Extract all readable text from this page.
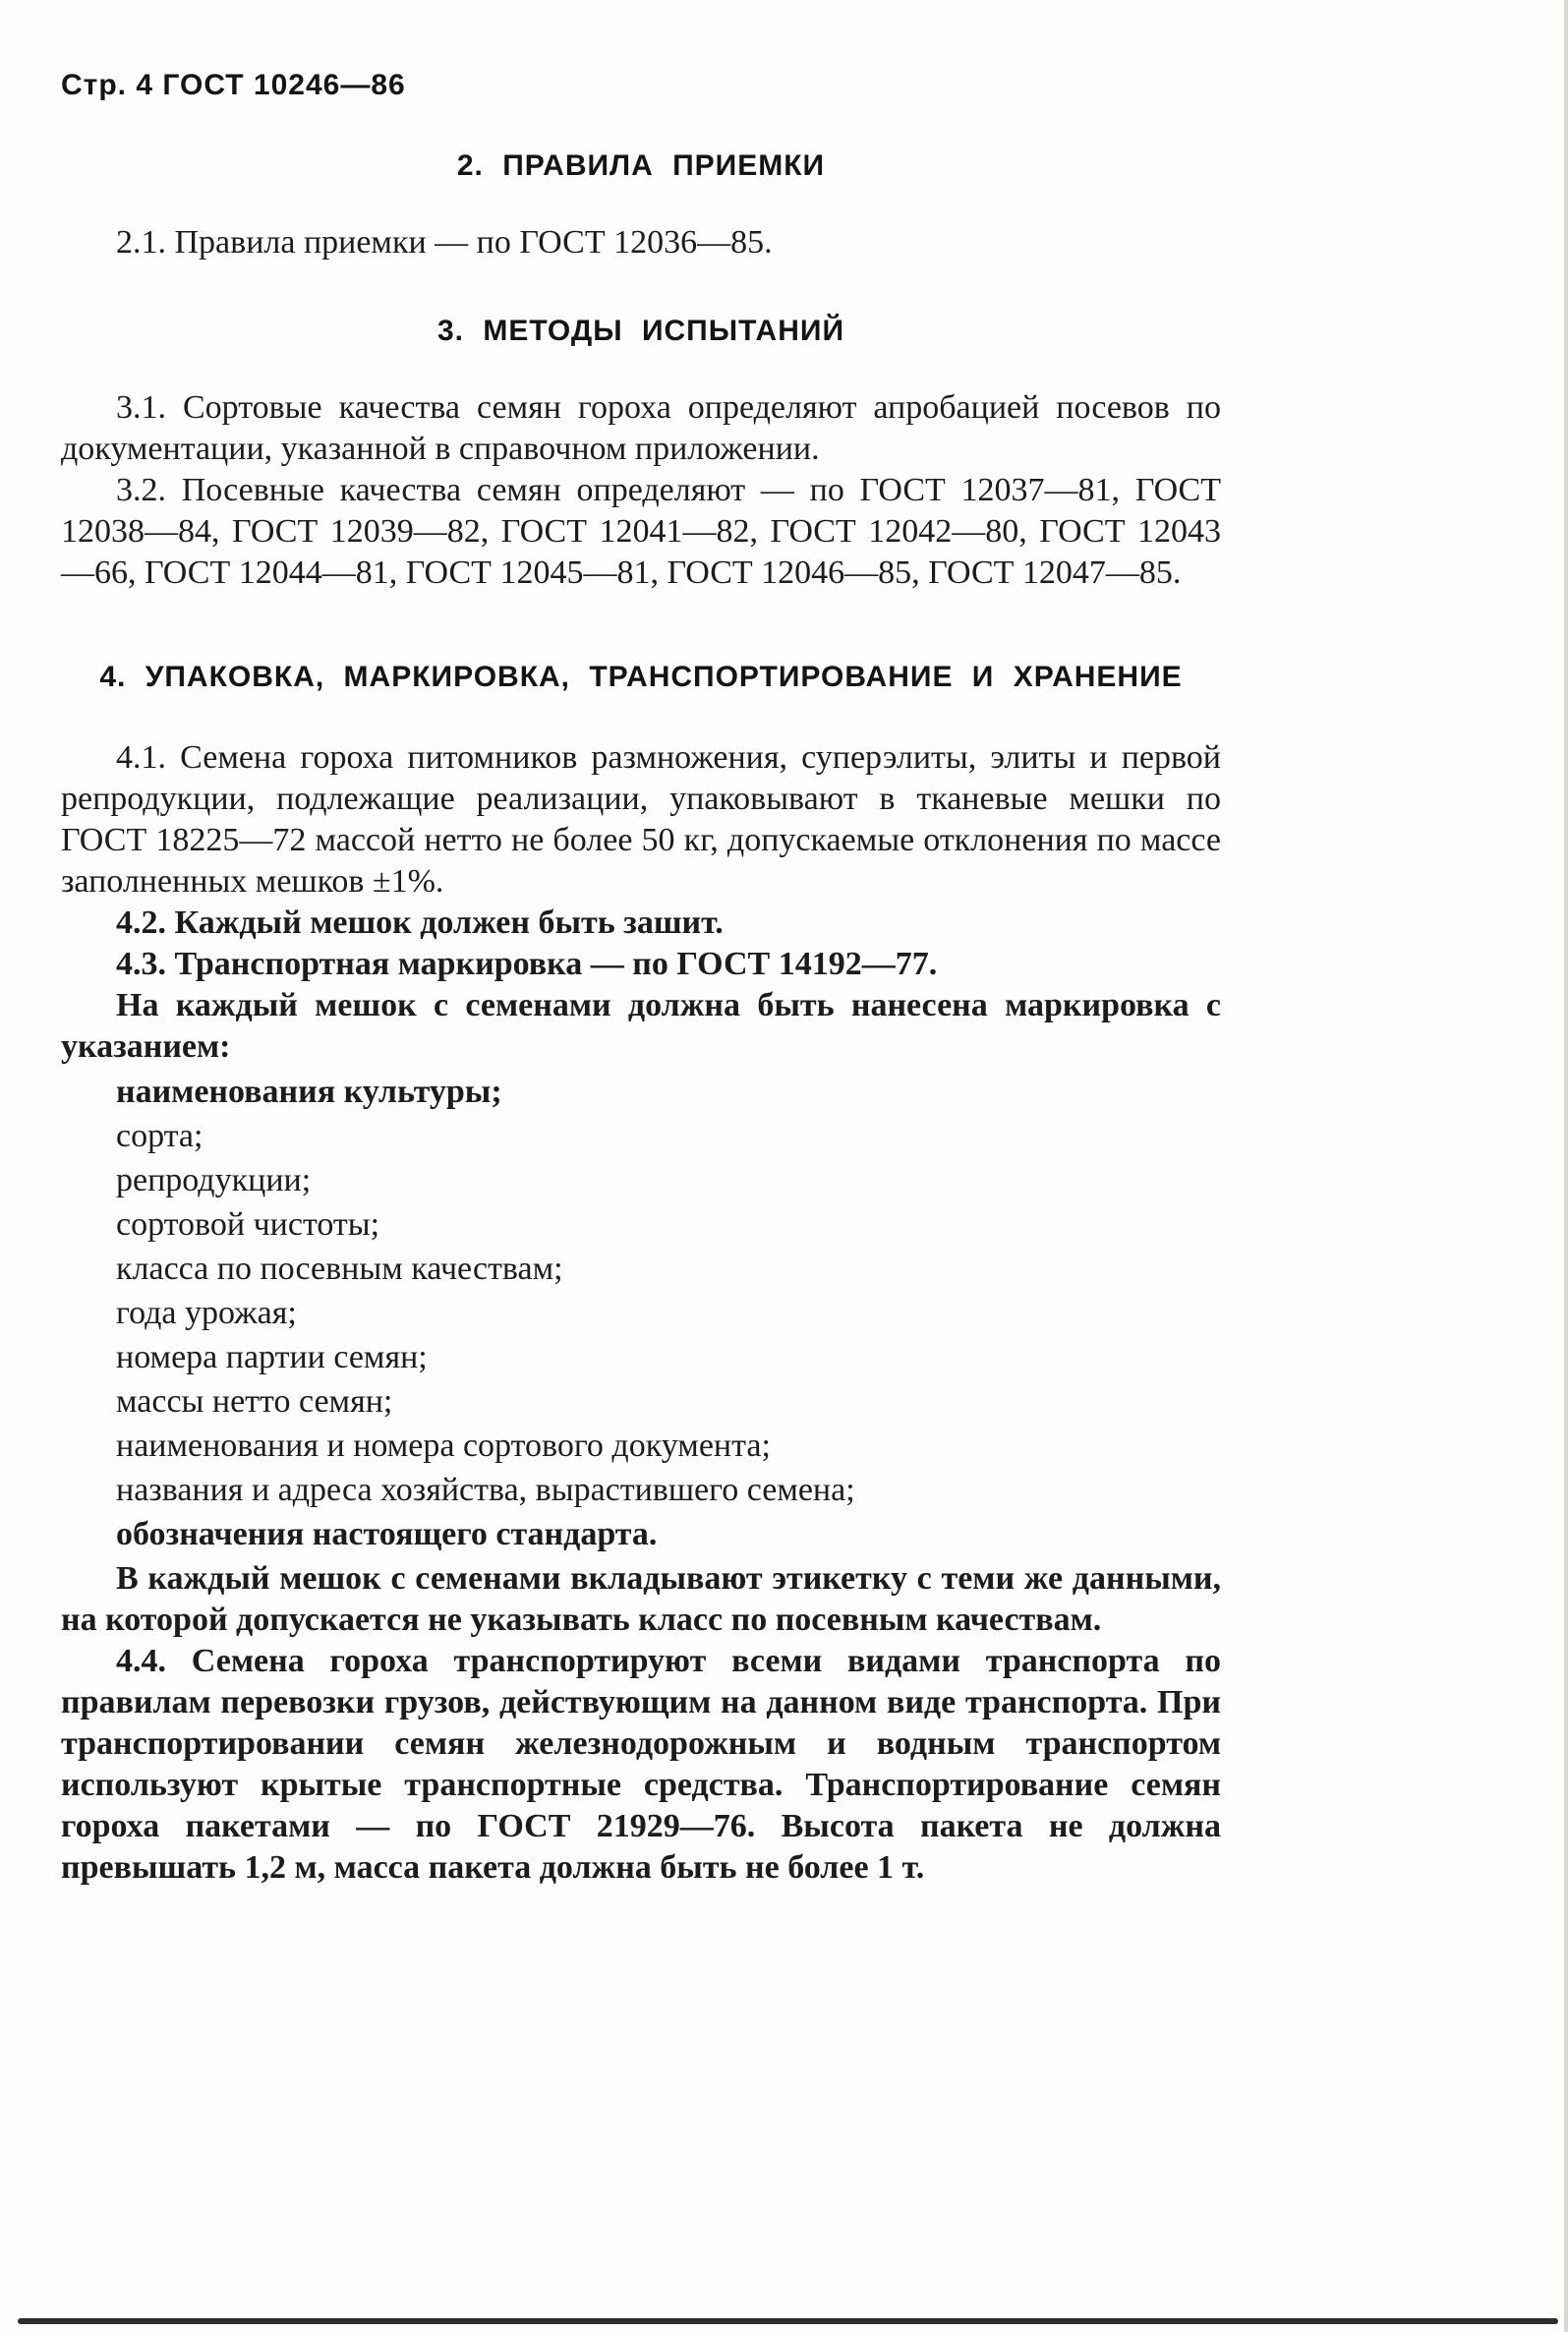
Стр. 4 ГОСТ 10246—86
2. ПРАВИЛА ПРИЕМКИ

2.1. Правила приемки — по ГОСТ 12036—85.

3. МЕТОДЫ ИСПЫТАНИЙ

3.1. Сортовые качества семян гороха определяют апробацией посевов по документации, указанной в справочном приложении.

3.2. Посевные качества семян определяют — по ГОСТ 12037—81, ГОСТ 12038—84, ГОСТ 12039—82, ГОСТ 12041—82, ГОСТ 12042—80, ГОСТ 12043—66, ГОСТ 12044—81, ГОСТ 12045—81, ГОСТ 12046—85, ГОСТ 12047—85.

4. УПАКОВКА, МАРКИРОВКА, ТРАНСПОРТИРОВАНИЕ И ХРАНЕНИЕ

4.1. Семена гороха питомников размножения, суперэлиты, элиты и первой репродукции, подлежащие реализации, упаковывают в тканевые мешки по ГОСТ 18225—72 массой нетто не более 50 кг, допускаемые отклонения по массе заполненных мешков ±1%.

4.2. Каждый мешок должен быть зашит.

4.3. Транспортная маркировка — по ГОСТ 14192—77.

На каждый мешок с семенами должна быть нанесена маркировка с указанием:

наименования культуры;
сорта;
репродукции;
сортовой чистоты;
класса по посевным качествам;
года урожая;
номера партии семян;
массы нетто семян;
наименования и номера сортового документа;
названия и адреса хозяйства, вырастившего семена;
обозначения настоящего стандарта.

В каждый мешок с семенами вкладывают этикетку с теми же данными, на которой допускается не указывать класс по посевным качествам.

4.4. Семена гороха транспортируют всеми видами транспорта по правилам перевозки грузов, действующим на данном виде транспорта. При транспортировании семян железнодорожным и водным транспортом используют крытые транспортные средства. Транспортирование семян гороха пакетами — по ГОСТ 21929—76. Высота пакета не должна превышать 1,2 м, масса пакета должна быть не более 1 т.
